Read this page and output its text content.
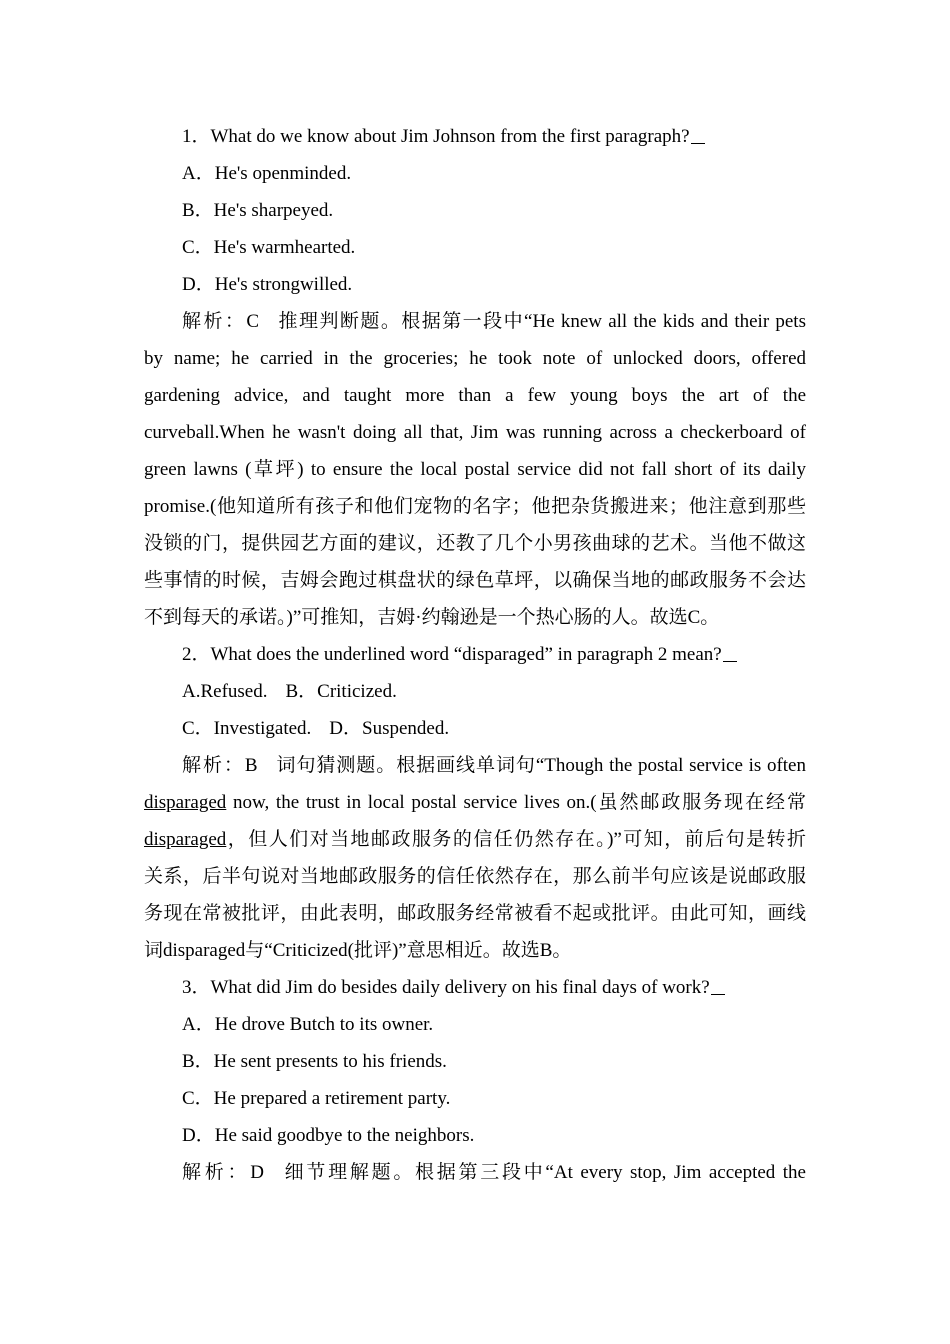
1．What do we know about Jim Johnson from the first paragraph?
A．He's openminded.
B．He's sharpeyed.
C．He's warmhearted.
D．He's strongwilled.
解析：C 推理判断题。根据第一段中“He knew all the kids and their pets
by name; he carried in the groceries; he took note of unlocked doors, offered
gardening advice, and taught more than a few young boys the art of the
curveball.When he wasn't doing all that, Jim was running across a checkerboard of
green lawns (草坪) to ensure the local postal service did not fall short of its daily
promise.(他知道所有孩子和他们宠物的名字；他把杂货搬进来；他注意到那些
没锁的门，提供园艺方面的建议，还教了几个小男孩曲球的艺术。当他不做这
些事情的时候，吉姆会跑过棋盘状的绿色草坪，以确保当地的邮政服务不会达
不到每天的承诺。)”可推知，吉姆·约翰逊是一个热心肠的人。故选C。
2．What does the underlined word “disparaged” in paragraph 2 mean?
A.Refused. B．Criticized.
C．Investigated. D．Suspended.
解析：B 词句猜测题。根据画线单词句“Though the postal service is often
disparaged now, the trust in local postal service lives on.(虽然邮政服务现在经常
disparaged，但人们对当地邮政服务的信任仍然存在。)”可知，前后句是转折
关系，后半句说对当地邮政服务的信任依然存在，那么前半句应该是说邮政服
务现在常被批评，由此表明，邮政服务经常被看不起或批评。由此可知，画线
词disparaged与“Criticized(批评)”意思相近。故选B。
3．What did Jim do besides daily delivery on his final days of work?
A．He drove Butch to its owner.
B．He sent presents to his friends.
C．He prepared a retirement party.
D．He said goodbye to the neighbors.
解析：D 细节理解题。根据第三段中“At every stop, Jim accepted the
